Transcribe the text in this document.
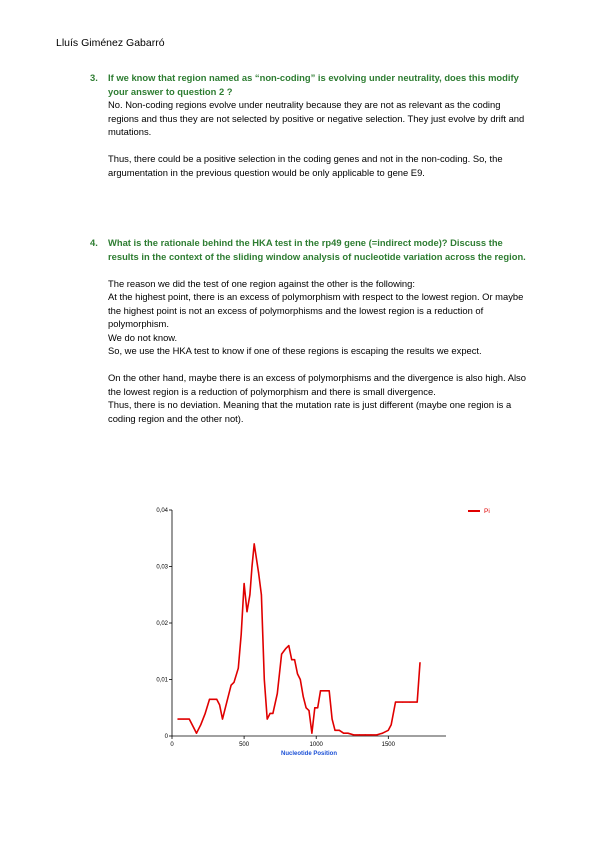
Lluís Giménez Gabarró
3.	If we know that region named as “non-coding” is evolving under neutrality, does this modify your answer to question 2 ?

No. Non-coding regions evolve under neutrality because they are not as relevant as the coding regions and thus they are not selected by positive or negative selection. They just evolve by drift and mutations.

Thus, there could be a positive selection in the coding genes and not in the non-coding. So, the argumentation in the previous question would be only applicable to gene E9.

4.	What is the rationale behind the HKA test in the rp49 gene (=indirect mode)? Discuss the results in the context of the sliding window analysis of nucleotide variation across the region.

The reason we did the test of one region against the other is the following:

At the highest point, there is an excess of polymorphism with respect to the lowest region. Or maybe the highest point is not an excess of polymorphisms and the lowest region is a reduction of polymorphism.

We do not know.

So, we use the HKA test to know if one of these regions is escaping the results we expect.

On the other hand, maybe there is an excess of polymorphisms and the divergence is also high. Also the lowest region is a reduction of polymorphism and there is small divergence.

Thus, there is no deviation. Meaning that the mutation rate is just different (maybe one region is a coding region and the other not).

0
0,01
0,02
0,03
0,04
0	500	1000	1500
Pi
Nucleotide Position
